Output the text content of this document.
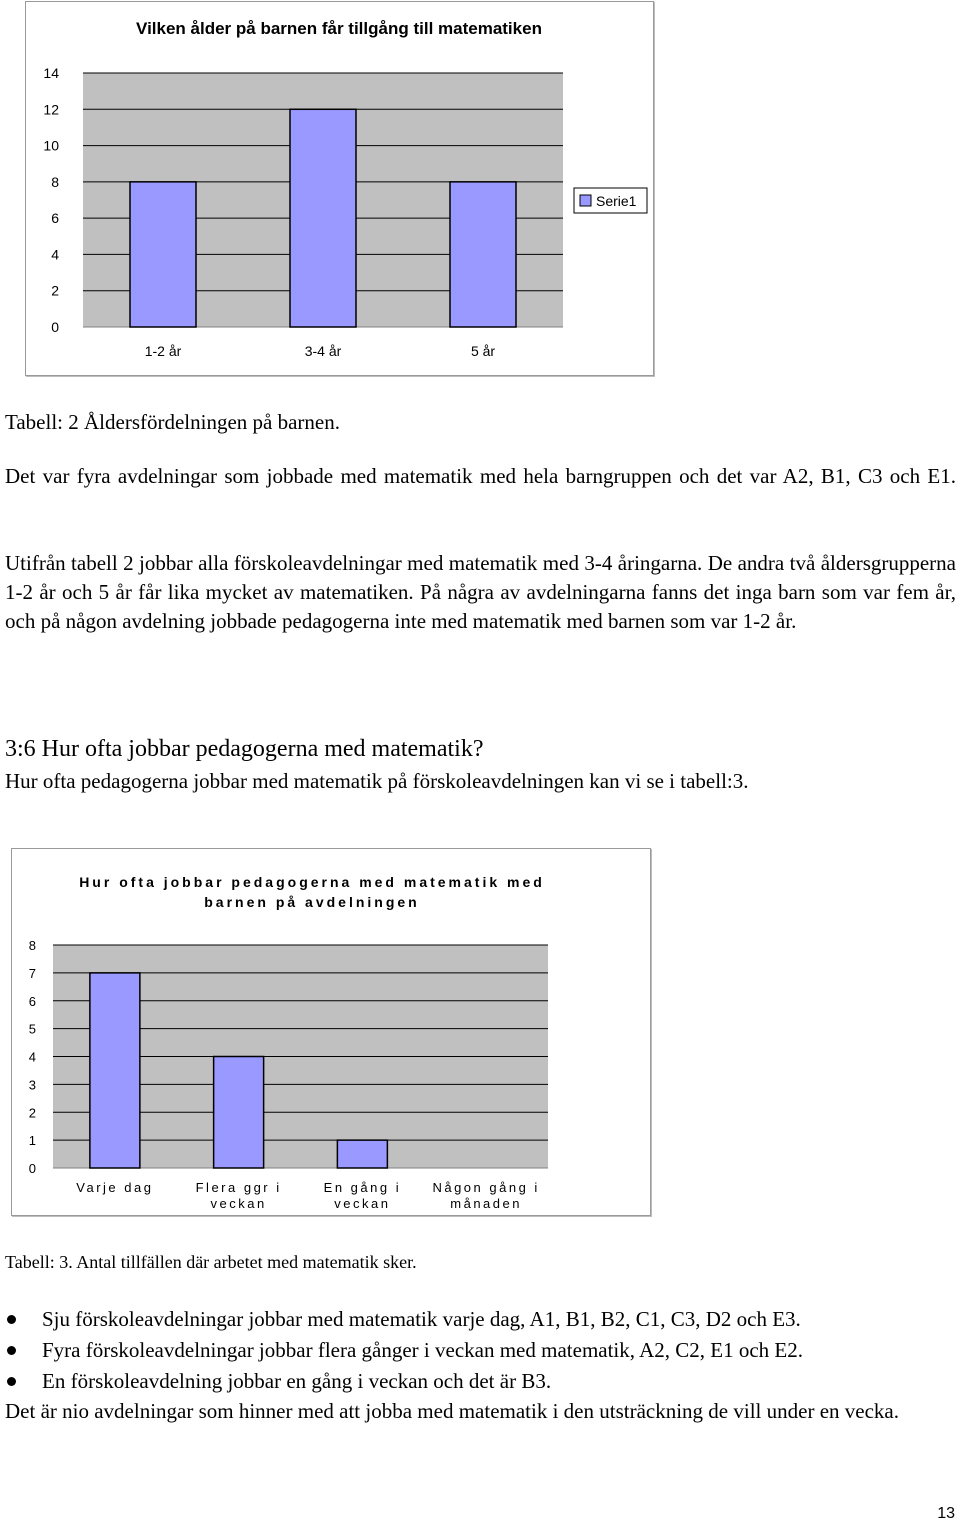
Vilken ålder på barnen får tillgång till matematiken
0
2
4
6
8
10
12
14
1-2 år	3-4 år	5 år
Serie1

Tabell: 2 Åldersfördelningen på barnen.

Det var fyra avdelningar som jobbade med matematik med hela barngruppen och det var A2, B1, C3 och E1.

Utifrån tabell 2 jobbar alla förskoleavdelningar med matematik med 3-4 åringarna. De andra två åldersgrupperna 1-2 år och 5 år får lika mycket av matematiken. På några av avdelningarna fanns det inga barn som var fem år, och på någon avdelning jobbade pedagogerna inte med matematik med barnen som var 1-2 år.

3:6 Hur ofta jobbar pedagogerna med matematik?

Hur ofta pedagogerna jobbar med matematik på förskoleavdelningen kan vi se i tabell:3.

Hur ofta jobbar pedagogerna med matematik med
barnen på avdelningen
0
1
2
3
4
5
6
7
8
Varje dag	Flera ggr i
veckan
En gång i
veckan
Någon gång i
månaden

Tabell: 3. Antal tillfällen där arbetet med matematik sker.

Sju förskoleavdelningar jobbar med matematik varje dag, A1, B1, B2, C1, C3, D2 och E3.
Fyra förskoleavdelningar jobbar flera gånger i veckan med matematik, A2, C2, E1 och E2.
En förskoleavdelning jobbar en gång i veckan och det är B3.

Det är nio avdelningar som hinner med att jobba med matematik i den utsträckning de vill under en vecka.

13
